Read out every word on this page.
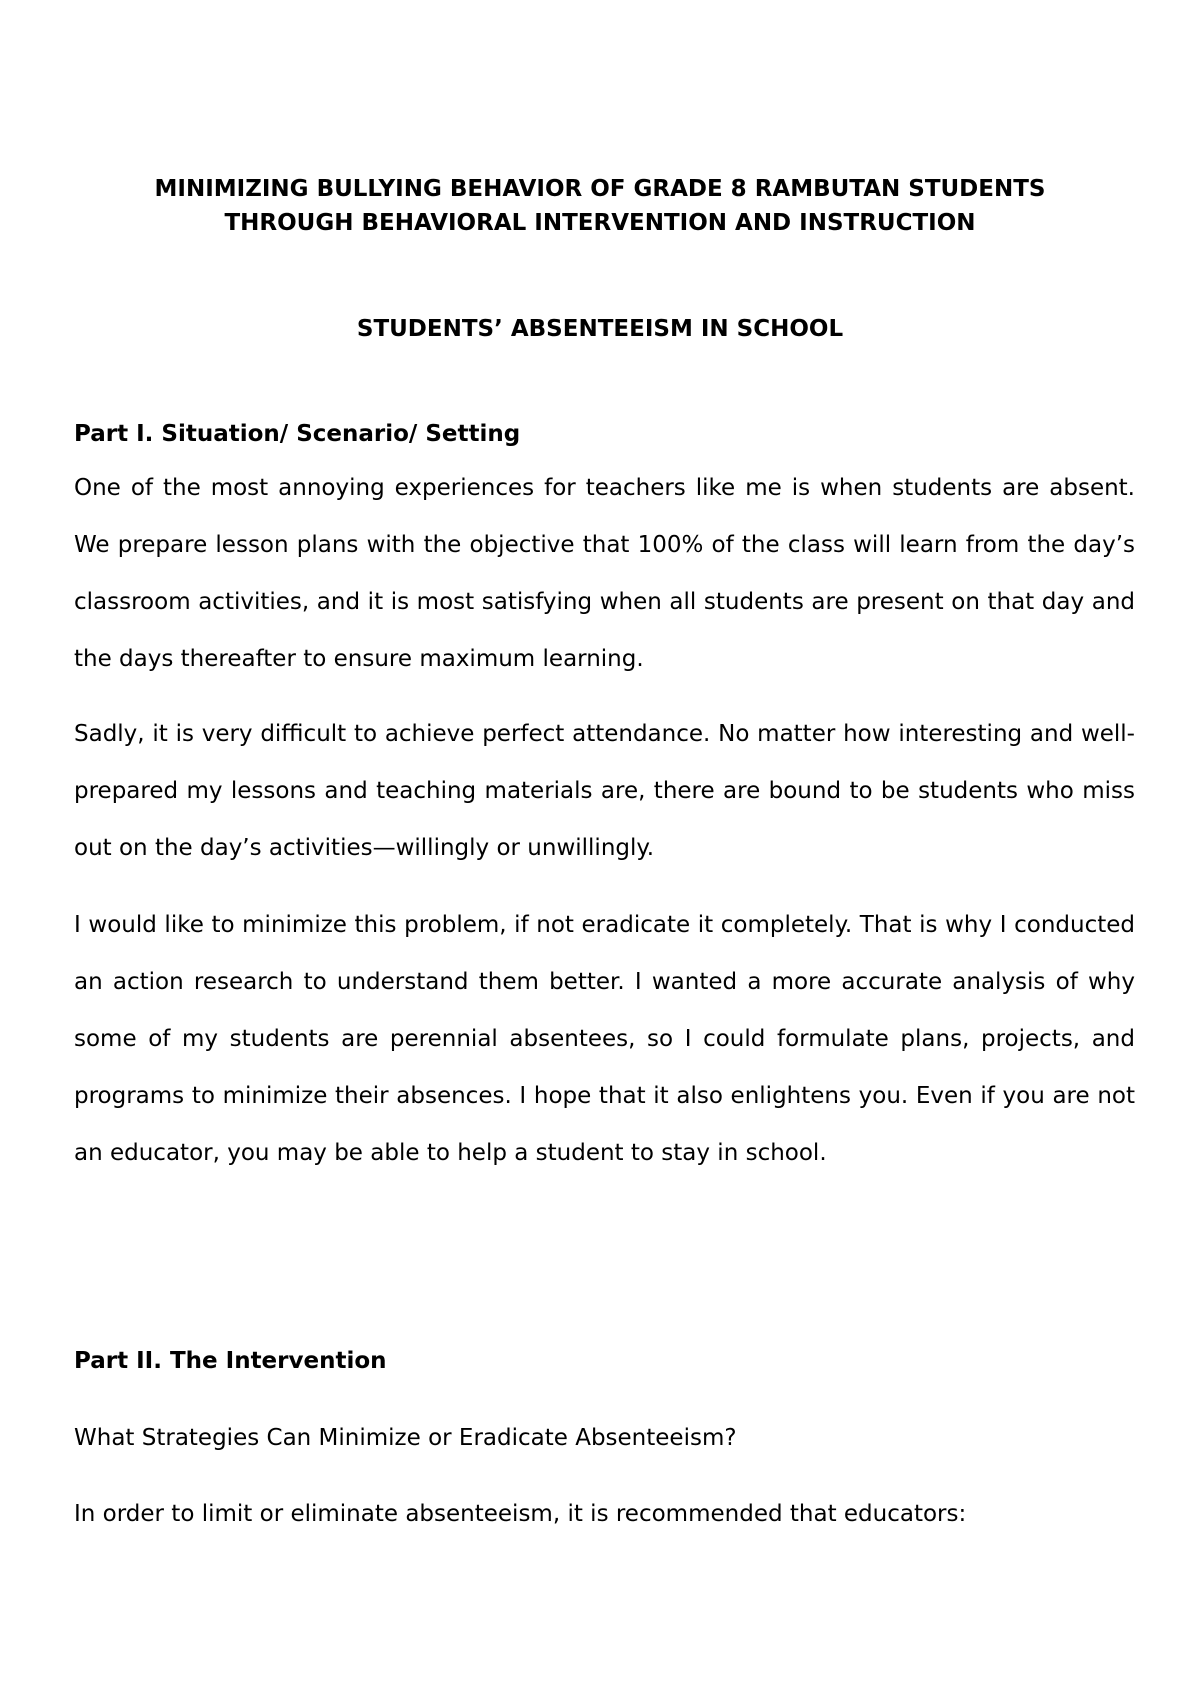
MINIMIZING BULLYING BEHAVIOR OF GRADE 8 RAMBUTAN STUDENTS
THROUGH BEHAVIORAL INTERVENTION AND INSTRUCTION
STUDENTS’ ABSENTEEISM IN SCHOOL
Part I. Situation/ Scenario/ Setting

One of the most annoying experiences for teachers like me is when students are absent. We prepare lesson plans with the objective that 100% of the class will learn from the day’s classroom activities, and it is most satisfying when all students are present on that day and the days thereafter to ensure maximum learning.

Sadly, it is very difficult to achieve perfect attendance. No matter how interesting and well-prepared my lessons and teaching materials are, there are bound to be students who miss out on the day’s activities—willingly or unwillingly.

I would like to minimize this problem, if not eradicate it completely. That is why I conducted an action research to understand them better. I wanted a more accurate analysis of why some of my students are perennial absentees, so I could formulate plans, projects, and programs to minimize their absences. I hope that it also enlightens you. Even if you are not an educator, you may be able to help a student to stay in school.

Part II. The Intervention
What Strategies Can Minimize or Eradicate Absenteeism?
In order to limit or eliminate absenteeism, it is recommended that educators:
